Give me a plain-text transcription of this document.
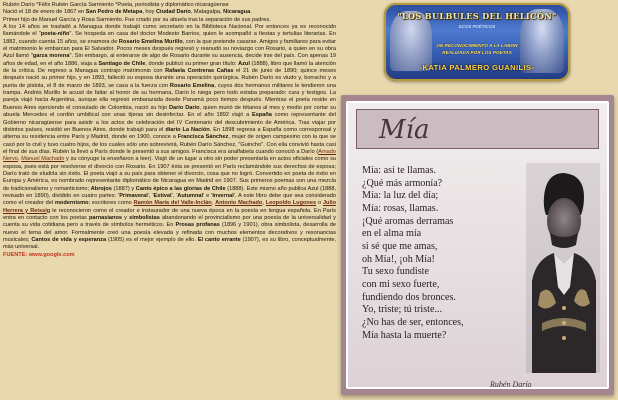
Rubén Darío *Félix Rubén García Sarmiento *Poeta, periodista y diplomático nicaragüense

Nació el 18 de enero de 1867 en San Pedro de Metapa, hoy Ciudad Darío, Matagalpa, Nicaragua.

Primer hijo de Manuel García y Rosa Sarmiento. Fue criado por su abuela tras la separación de sus padres.

A los 14 años se trasladó a Managua donde trabajó como secretario en la Biblioteca Nacional. Por entonces ya es reconocido llamándole el "poeta-niño". Se hospeda en casa del doctor Modesto Barrios, quien le acompañó a fiestas y tertulias literarias. En 1882, cuando cuenta 15 años, se enamora de Rosario Emelina Murillo, con la que pretende casarse. Amigos y familiares para evitar el matrimonio le embarcan para El Salvador. Pocos meses después regresó y reanudó su noviazgo con Rosario, a quien en su obra Azul llamó "garza morena". Sin embargo, al enterarse de algo de Rosario durante su ausencia, decide irse del país. Con apenas 19 años de edad, en el año 1886, viaja a Santiago de Chile, donde publicó su primer gran título: Azul (1888), libro que llamó la atención de la crítica. De regreso a Managua contrajo matrimonio con Rafaela Contreras Cañas el 21 de junio de 1890; quince meses después nació su primer hijo, y en 1893, falleció su esposa durante una operación quirúrgica. Rubén Darío es viudo y, borracho y a punta de pistola, el 8 de marzo de 1893, se casa a la fuerza con Rosario Emelina, cuyos dos hermanos militares le tendieron una trampa. Andrés Murillo le acusó de faltar al honor de su hermana, Darío lo niega pero todo estaba preparado: cura y testigos. La pareja viajó hacia Argentina, aunque ella regresó embarazada desde Panamá poco tiempo después. Mientras el poeta reside en Buenos Aires ejerciendo el consulado de Colombia, nació su hijo Darío Darío, quien murió de tétanos al mes y medio por cortar su abuela Mercedes el cordón umbilical con unas tijeras sin desinfectar. En el año 1892 viajó a España como representante del Gobierno nicaragüense para asistir a los actos de celebración del IV Centenario del descubrimiento de América. Tras viajar por distintos países, residió en Buenos Aires, donde trabajó para el diario La Nación. En 1898 regresa a España como corresponsal y alterna su residencia entre París y Madrid, donde en 1900, conoce a Francisca Sánchez, mujer de origen campesino con la que se casó por lo civil y tuvo cuatro hijos, de los cuales sólo uno sobrevivirá, Rubén Darío Sánchez, "Guincho". Con ella convivió hasta casi el final de sus días. Rubén la llevó a París donde le presentó a sus amigos. Francisca era analfabeta cuando conoció a Darío (Amado Nervo, Manuel Machado y su cónyuge la enseñaron a leer). Viajó de un lugar a otro sin poder presentarla en actos oficiales como su esposa, pues está por resolverse el divorcio con Rosario. En 1907 ésta se presentó en París reclamándole sus derechos de esposa; Darío trató de eludirla sin éxito. El poeta viajó a su país para obtener el divorcio, cosa que no logró. Convertido en poeta de éxito en Europa y América, es nombrado representante diplomático de Nicaragua en Madrid en 1907. Sus primeros poemas son una mezcla de tradicionalismo y romanticismo; Abrojos (1887) y Canto épico a las glorias de Chile (1888). Este mismo año publica Azul (1888, revisado en 1890), dividido en cuatro partes: 'Primaveral', 'Estival', 'Autumnal' e 'Invernal'. A este libro debe que sea considerado como el creador del modernismo; escritores como Ramón María del Valle-Inclán, Antonio Machado, Leopoldo Lugones o Julio Herrera y Reissig le reconocieron como el creador e instaurador de una nueva época en la poesía en lengua española. En París entra en contacto con los poetas parnasianos y simbolistas abandonando el provincialismo por una poesía de la universalidad y cuenta su vida cotidiana pero a través de símbolos herméticos. En Prosas profanas (1896 y 1901), obra simbolista, desarrolla de nuevo el tema del amor. Formalmente creó una poesía elevada y refinada con muchos elementos decorativos y resonancias musicales; Cantos de vida y esperanza (1905) es el mejor ejemplo de ello. El canto errante (1907), es su libro, conceptualmente, más universal.

FUENTE: www.google.com

"LOS BULBULES DEL HELICÓN"
ECOS POÉTICOS
UN RECONOCIMIENTO A LA LABOR
REALIZADA POR LOS POETAS
-KATIA PALMERO GUANILIS-
Mía
Mía: así te llamas.
¿Qué más armonía?
Mía: la luz del día;
Mía: rosas, llamas.
¡Qué aromas derramas
en el alma mía
si sé que me amas,
oh Mía!, ¡oh Mía!
Tu sexo fundiste
con mi sexo fuerte,
fundiendo dos bronces.
Yo, triste; tú triste...
¿No has de ser, entonces,
Mía hasta la muerte?
Rubén Darío
